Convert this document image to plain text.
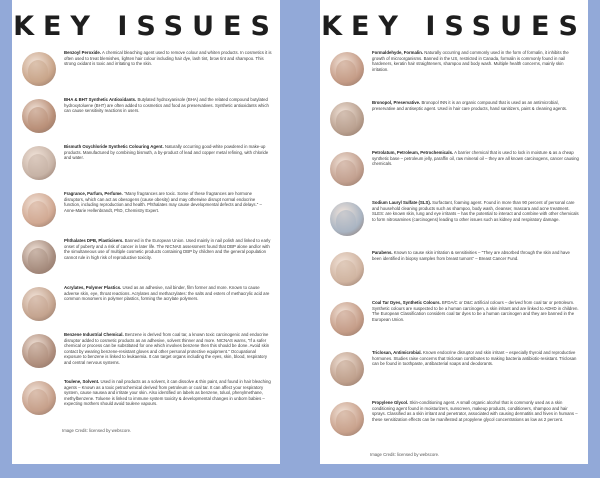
KEY ISSUES

Benzoyl Peroxide. A chemical bleaching agent used to remove colour and whiten products. In cosmetics it is often used to treat blemishes, lighten hair colour including hair dye, lash tint, brow tint and shampoo. This strong oxidant is toxic and irritating to the skin.

BHA & BHT Synthetic Antioxidants. Butylated hydroxyanisole (BHA) and the related compound butylated hydroxytoluene (BHT) are often added to cosmetics and food as preservatives. Synthetic antioxidants which can cause sensitivity reactions in users.

Bismuth Oxychloride Synthetic Colouring Agent. Naturally occurring good-white powdered in make-up products. Manufactured by combining bismuth, a by-product of lead and copper metal refining, with chloride and water.

Fragrance, Parfum, Perfume. "Many fragrances are toxic. Some of these fragrances are hormone disruptors, which can act as obesogens (cause obesity) and may otherwise disrupt normal endocrine function, including reproduction and health. Phthalates may cause developmental defects and delays." – Anne-Marie Hellenbrandt, PhD, Chemistry Expert.

Phthalates DPB, Plasticisers. Banned in the European Union. Used mainly in nail polish and linked to early onset of puberty and a risk of cancer in later life. The NICNAS assessment found that DBP alone and/or with the simultaneous use of multiple cosmetic products containing DBP by children and the general population cannot rule in high risk of reproductive toxicity.

Acrylates, Polymer Plastics. Used as an adhesive, nail binder, film former and more. Known to cause adverse skin, eye, throat reactions. Acrylates and methacrylates: the salts and esters of methacrylic acid are common monomers in polymer plastics, forming the acrylate polymers.

Benzene Industrial Chemical. Benzene is derived from coal tar, a known toxic carcinogenic and endocrine disruptor added to cosmetic products as an adhesive, solvent thinner and more. NICNAS warns, "If a safer chemical or process can be substituted for one which involves benzene then this should be done. Avoid skin contact by wearing benzene-resistant gloves and other personal protective equipment." Occupational exposure to benzene is linked to leukaemia. It can target organs including the eyes, skin, blood, respiratory and central nervous systems.

Toulene, Solvent. Used in nail products as a solvent, it can dissolve & thin paint, and found in hair bleaching agents – Known as a toxic petrochemical derived from petroleum or coal tar. It can affect your respiratory system, cause nausea and irritate your skin. Also identified on labels as benzene, toluol, phenylmethane, methylbenzene. Toluene is linked to immune system toxicity & developmental changes in unborn babies – expecting mothers should avoid toulene vapours.

Image Credit: licensed by webscore.
KEY ISSUES

Formaldehyde, Formalin. Naturally occurring and commonly used in the form of formalin, it inhibits the growth of microorganisms. Banned in the US, restricted in Canada, formalin is commonly found in nail hardeners, keratin hair straighteners, shampoo and body wash. Multiple health concerns, mainly skin irritation.

Bronopol, Preservative. Bronopol INN it is an organic compound that is used as an antimicrobial, preservative and antiseptic agent. Used in hair care products, hand sanitizers, paint & cleaning agents.

Petrolatum, Petroleum, Petrochemicals. A barrier chemical that is used to lock in moisture & as a cheap synthetic base – petroleum jelly, paraffin oil, raw mineral oil – they are all known carcinogens, cancer causing chemicals.

Sodium Lauryl Sulfate (SLS). Surfactant, foaming agent. Found in more than 90 percent of personal care and household cleaning products such as shampoo, body wash, cleanser, mascara and acne treatment. SLES: are known skin, lung and eye irritants – has the potential to interact and combine with other chemicals to form nitrosamines (carcinogens) leading to other issues such as kidney and respiratory damage.

Parabens. Known to cause skin irritation & sensitivities – "They are absorbed through the skin and have been identified in biopsy samples from breast tumors" – Breast Cancer Fund.

Coal Tar Dyes, Synthetic Colours. BFDA/C or D&C artificial colours – derived from coal tar or petroleum. Synthetic colours are suspected to be a human carcinogen, a skin irritant and are linked to ADHD in children. The European Classification considers coal tar dyes to be a human carcinogen and they are banned in the European Union.

Triclosan, Antimicrobial. Known endocrine disruptor and skin irritant – especially thyroid and reproductive hormones. Studies raise concerns that triclosan contributes to making bacteria antibiotic-resistant. Triclosan can be found in toothpaste, antibacterial soaps and deodorants.

Propylene Glycol. Skin-conditioning agent. A small organic alcohol that is commonly used as a skin conditioning agent found in moisturizers, sunscreen, makeup products, conditioners, shampoo and hair sprays. Classified as a skin irritant and penetrator, associated with causing dermatitis and hives in humans – these sensitization effects can be manifested at propylene glycol concentrations as low as 2 percent.

Image Credit: licensed by webscore.
